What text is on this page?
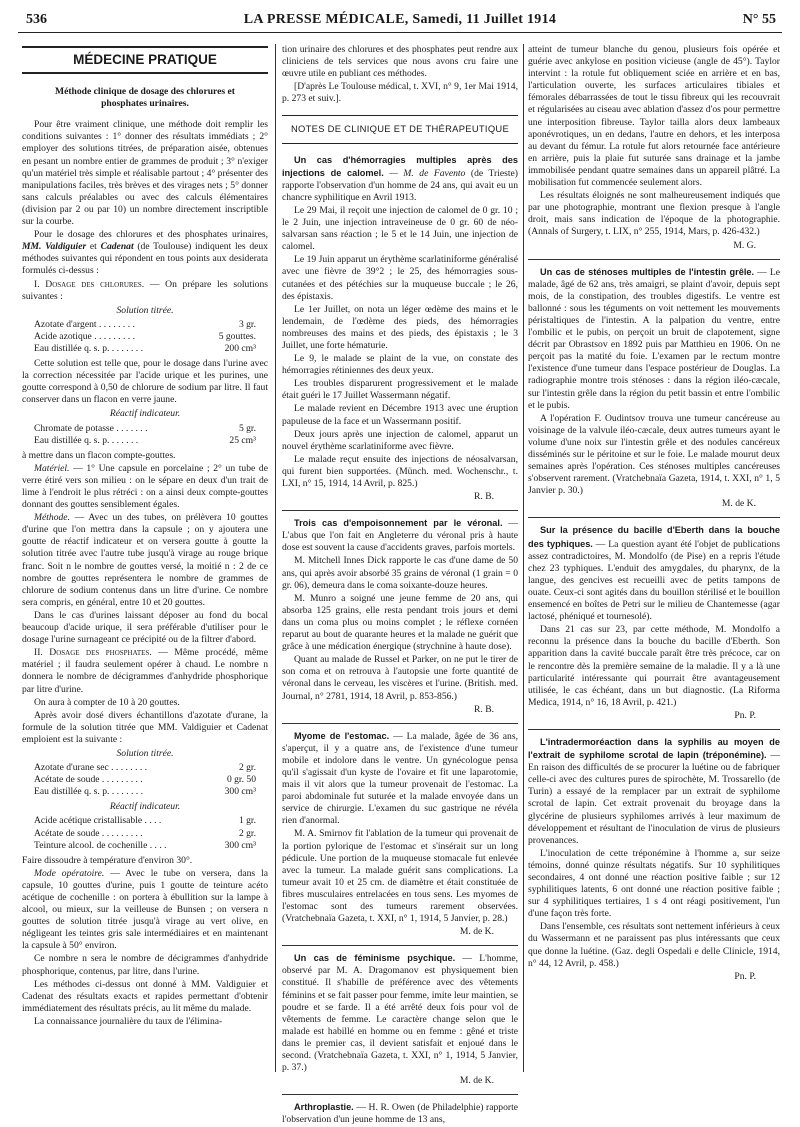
536	LA PRESSE MÉDICALE, Samedi, 11 Juillet 1914	N° 55
MÉDECINE PRATIQUE

Méthode clinique de dosage des chlorures et phosphates urinaires.

Pour être vraiment clinique, une méthode doit remplir les conditions suivantes : 1° donner des résultats immédiats ; 2° employer des solutions titrées, de préparation aisée, obtenues en pesant un nombre entier de grammes de produit ; 3° n'exiger qu'un matériel très simple et réalisable partout ; 4° présenter des manipulations faciles, très brèves et des virages nets ; 5° donner sans calculs préalables ou avec des calculs élémentaires (division par 2 ou par 10) un nombre directement inscriptible sur la courbe.

Pour le dosage des chlorures et des phosphates urinaires, MM. Valdiguier et Cadenat (de Toulouse) indiquent les deux méthodes suivantes qui répondent en tous points aux desiderata formulés ci-dessus :

I. Dosage des chlorures. — On prépare les solutions suivantes :

Solution titrée.

Azotate d'argent . . . . . . . .	3 gr.
Acide azotique . . . . . . . . .	5 gouttes.
Eau distillée q. s. p. . . . . . . .	200 cm³

Cette solution est telle que, pour le dosage dans l'urine avec la correction nécessitée par l'acide urique et les purines, une goutte correspond à 0,50 de chlorure de sodium par litre. Il faut conserver dans un flacon en verre jaune.

Réactif indicateur.

Chromate de potasse . . . . . . .	5 gr.
Eau distillée q. s. p. . . . . . .	25 cm³

à mettre dans un flacon compte-gouttes.

Matériel. — 1° Une capsule en porcelaine ; 2° un tube de verre étiré vers son milieu : on le sépare en deux d'un trait de lime à l'endroit le plus rétréci : on a ainsi deux compte-gouttes donnant des gouttes sensiblement égales.

Méthode. — Avec un des tubes, on prélèvera 10 gouttes d'urine que l'on mettra dans la capsule ; on y ajoutera une goutte de réactif indicateur et on versera goutte à goutte la solution titrée avec l'autre tube jusqu'à virage au rouge brique franc. Soit n le nombre de gouttes versé, la moitié n : 2 de ce nombre de gouttes représentera le nombre de grammes de chlorure de sodium contenus dans un litre d'urine. Ce nombre sera compris, en général, entre 10 et 20 gouttes.

Dans le cas d'urines laissant déposer au fond du bocal beaucoup d'acide urique, il sera préférable d'utiliser pour le dosage l'urine surnageant ce précipité ou de la filtrer d'abord.

II. Dosage des phosphates. — Même procédé, même matériel ; il faudra seulement opérer à chaud. Le nombre n donnera le nombre de décigrammes d'anhydride phosphorique par litre d'urine.

On aura à compter de 10 à 20 gouttes.

Après avoir dosé divers échantillons d'azotate d'urane, la formule de la solution titrée que MM. Valdiguier et Cadenat emploient est la suivante :

Solution titrée.

Azotate d'urane sec . . . . . . . .	2 gr.
Acétate de soude . . . . . . . . .	0 gr. 50
Eau distillée q. s. p. . . . . . . .	300 cm³

Réactif indicateur.

Acide acétique cristallisable . . . .	1 gr.
Acétate de soude . . . . . . . . .	2 gr.
Teinture alcool. de cochenille . . . .	300 cm³

Faire dissoudre à température d'environ 30°.

Mode opératoire. — Avec le tube on versera, dans la capsule, 10 gouttes d'urine, puis 1 goutte de teinture acéto acétique de cochenille : on portera à ébullition sur la lampe à alcool, ou mieux, sur la veilleuse de Bunsen ; on versera n gouttes de solution titrée jusqu'à virage au vert olive, en négligeant les teintes gris sale intermédiaires et en maintenant la capsule à 50° environ.

Ce nombre n sera le nombre de décigrammes d'anhydride phosphorique, contenus, par litre, dans l'urine.

Les méthodes ci-dessus ont donné à MM. Valdiguier et Cadenat des résultats exacts et rapides permettant d'obtenir immédiatement des résultats précis, au lit même du malade.

La connaissance journalière du taux de l'élimina-

tion urinaire des chlorures et des phosphates peut rendre aux cliniciens de tels services que nous avons cru faire une œuvre utile en publiant ces méthodes.

[D'après Le Toulouse médical, t. XVI, n° 9, 1er Mai 1914, p. 273 et suiv.].

NOTES DE CLINIQUE ET DE THÉRAPEUTIQUE

Un cas d'hémorragies multiples après des injections de calomel. — M. de Favento (de Trieste) rapporte l'observation d'un homme de 24 ans, qui avait eu un chancre syphilitique en Avril 1913.

Le 29 Mai, il reçoit une injection de calomel de 0 gr. 10 ; le 2 Juin, une injection intraveineuse de 0 gr. 60 de néo-salvarsan sans réaction ; le 5 et le 14 Juin, une injection de calomel.

Le 19 Juin apparut un érythème scarlatiniforme généralisé avec une fièvre de 39°2 ; le 25, des hémorragies sous-cutanées et des pétéchies sur la muqueuse buccale ; le 26, des épistaxis.

Le 1er Juillet, on nota un léger œdème des mains et le lendemain, de l'œdème des pieds, des hémorragies nombreuses des mains et des pieds, des épistaxis ; le 3 Juillet, une forte hématurie.

Le 9, le malade se plaint de la vue, on constate des hémorragies rétiniennes des deux yeux.

Les troubles disparurent progressivement et le malade était guéri le 17 Juillet Wassermann négatif.

Le malade revient en Décembre 1913 avec une éruption papuleuse de la face et un Wassermann positif.

Deux jours après une injection de calomel, apparut un nouvel érythème scarlatiniforme avec fièvre.

Le malade reçut ensuite des injections de néosalvarsan, qui furent bien supportées. (Münch. med. Wochenschr., t. LXI, n° 15, 1914, 14 Avril, p. 825.)

R. B.

Trois cas d'empoisonnement par le véronal. — L'abus que l'on fait en Angleterre du véronal pris à haute dose est souvent la cause d'accidents graves, parfois mortels.

M. Mitchell Innes Dick rapporte le cas d'une dame de 50 ans, qui après avoir absorbé 35 grains de véronal (1 grain = 0 gr. 06), demeura dans le coma soixante-douze heures.

M. Munro a soigné une jeune femme de 20 ans, qui absorba 125 grains, elle resta pendant trois jours et demi dans un coma plus ou moins complet ; le réflexe cornéen reparut au bout de quarante heures et la malade ne guérit que grâce à une médication énergique (strychnine à haute dose).

Quant au malade de Russel et Parker, on ne put le tirer de son coma et on retrouva à l'autopsie une forte quantité de véronal dans le cerveau, les viscères et l'urine. (British. med. Journal, n° 2781, 1914, 18 Avril, p. 853-856.)

R. B.

Myome de l'estomac. — La malade, âgée de 36 ans, s'aperçut, il y a quatre ans, de l'existence d'une tumeur mobile et indolore dans le ventre. Un gynécologue pensa qu'il s'agissait d'un kyste de l'ovaire et fit une laparotomie, mais il vit alors que la tumeur provenait de l'estomac. La paroi abdominale fut suturée et la malade envoyée dans un service de chirurgie. L'examen du suc gastrique ne révéla rien d'anormal.

M. A. Smirnov fit l'ablation de la tumeur qui provenait de la portion pylorique de l'estomac et s'insérait sur un long pédicule. Une portion de la muqueuse stomacale fut enlevée avec la tumeur. La malade guérit sans complications. La tumeur avait 10 et 25 cm. de diamètre et était constituée de fibres musculaires entrelacées en tous sens. Les myomes de l'estomac sont des tumeurs rarement observées. (Vratchebnaïa Gazeta, t. XXI, n° 1, 1914, 5 Janvier, p. 28.)

M. de K.

Un cas de féminisme psychique. — L'homme, observé par M. A. Dragomanov est physiquement bien constitué. Il s'habille de préférence avec des vêtements féminins et se fait passer pour femme, imite leur maintien, se poudre et se farde. Il a été arrêté deux fois pour vol de vêtements de femme. Le caractère change selon que le malade est habillé en homme ou en femme : gêné et triste dans le premier cas, il devient satisfait et enjoué dans le second. (Vratchebnaïa Gazeta, t. XXI, n° 1, 1914, 5 Janvier, p. 37.)

M. de K.

Arthroplastie. — H. R. Owen (de Philadelphie) rapporte l'observation d'un jeune homme de 13 ans,

atteint de tumeur blanche du genou, plusieurs fois opérée et guérie avec ankylose en position vicieuse (angle de 45°). Taylor intervint : la rotule fut obliquement sciée en arrière et en bas, l'articulation ouverte, les surfaces articulaires tibiales et fémorales débarrassées de tout le tissu fibreux qui les recouvrait et régularisées au ciseau avec ablation d'assez d'os pour permettre une interposition fibreuse. Taylor tailla alors deux lambeaux aponévrotiques, un en dedans, l'autre en dehors, et les interposa au devant du fémur. La rotule fut alors retournée face antérieure en arrière, puis la plaie fut suturée sans drainage et la jambe immobilisée pendant quatre semaines dans un appareil plâtré. La mobilisation fut commencée seulement alors.

Les résultats éloignés ne sont malheureusement indiqués que par une photographie, montrant une flexion presque à l'angle droit, mais sans indication de l'époque de la photographie. (Annals of Surgery, t. LIX, n° 255, 1914, Mars, p. 426-432.)

M. G.

Un cas de sténoses multiples de l'intestin grêle. — Le malade, âgé de 62 ans, très amaigri, se plaint d'avoir, depuis sept mois, de la constipation, des troubles digestifs. Le ventre est ballonné : sous les téguments on voit nettement les mouvements péristaltiques de l'intestin. A la palpation du ventre, entre l'ombilic et le pubis, on perçoit un bruit de clapotement, signe décrit par Obrastsov en 1892 puis par Matthieu en 1906. On ne perçoit pas la matité du foie. L'examen par le rectum montre l'existence d'une tumeur dans l'espace postérieur de Douglas. La radiographie montre trois sténoses : dans la région iléo-cæcale, sur l'intestin grêle dans la région du petit bassin et entre l'ombilic et le pubis.

A l'opération F. Oudintsov trouva une tumeur cancéreuse au voisinage de la valvule iléo-cæcale, deux autres tumeurs ayant le volume d'une noix sur l'intestin grêle et des nodules cancéreux disséminés sur le péritoine et sur le foie. Le malade mourut deux semaines après l'opération. Ces sténoses multiples cancéreuses s'observent rarement. (Vratchebnaïa Gazeta, 1914, t. XXI, n° 1, 5 Janvier p. 30.)

M. de K.

Sur la présence du bacille d'Eberth dans la bouche des typhiques. — La question ayant été l'objet de publications assez contradictoires, M. Mondolfo (de Pise) en a repris l'étude chez 23 typhiques. L'enduit des amygdales, du pharynx, de la langue, des gencives est recueilli avec de petits tampons de ouate. Ceux-ci sont agités dans du bouillon stérilisé et le bouillon ensemencé en boîtes de Petri sur le milieu de Chantemesse (agar lactosé, phéniqué et tournesolé).

Dans 21 cas sur 23, par cette méthode, M. Mondolfo a reconnu la présence dans la bouche du bacille d'Eberth. Son apparition dans la cavité buccale paraît être très précoce, car on le rencontre dès la première semaine de la maladie. Il y a là une particularité intéressante qui pourrait être avantageusement utilisée, le cas échéant, dans un but diagnostic. (La Riforma Medica, 1914, n° 16, 18 Avril, p. 421.)

Pn. P.

L'intradermoréaction dans la syphilis au moyen de l'extrait de syphilome scrotal de lapin (tréponémine). — En raison des difficultés de se procurer la luétine ou de fabriquer celle-ci avec des cultures pures de spirochète, M. Trossarello (de Turin) a essayé de la remplacer par un extrait de syphilome scrotal de lapin. Cet extrait provenait du broyage dans la glycérine de plusieurs syphilomes arrivés à leur maximum de développement et résultant de l'inoculation de virus de plusieurs provenances.

L'inoculation de cette tréponémine à l'homme a, sur seize témoins, donné quinze résultats négatifs. Sur 10 syphilitiques secondaires, 4 ont donné une réaction positive faible ; sur 12 syphilitiques latents, 6 ont donné une réaction positive faible ; sur 4 syphilitiques tertiaires, 1 s 4 ont réagi positivement, l'un d'une façon très forte.

Dans l'ensemble, ces résultats sont nettement inférieurs à ceux du Wassermann et ne paraissent pas plus intéressants que ceux que donne la luétine. (Gaz. degli Ospedali e delle Clinicle, 1914, n° 44, 12 Avril, p. 458.)

Pn. P.
